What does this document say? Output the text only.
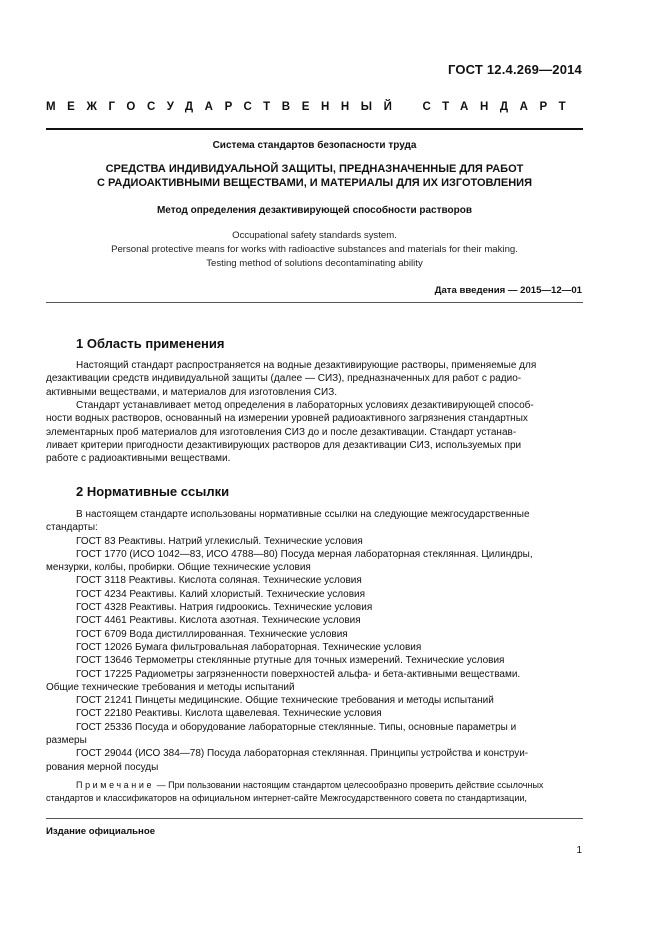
ГОСТ 12.4.269—2014
МЕЖГОСУДАРСТВЕННЫЙ СТАНДАРТ
Система стандартов безопасности труда
СРЕДСТВА ИНДИВИДУАЛЬНОЙ ЗАЩИТЫ, ПРЕДНАЗНАЧЕННЫЕ ДЛЯ РАБОТ
С РАДИОАКТИВНЫМИ ВЕЩЕСТВАМИ, И МАТЕРИАЛЫ ДЛЯ ИХ ИЗГОТОВЛЕНИЯ
Метод определения дезактивирующей способности растворов
Occupational safety standards system.
Personal protective means for works with radioactive substances and materials for their making.
Testing method of solutions decontaminating ability
Дата введения — 2015—12—01
1 Область применения
Настоящий стандарт распространяется на водные дезактивирующие растворы, применяемые для
дезактивации средств индивидуальной защиты (далее — СИЗ), предназначенных для работ с радио-
активными веществами, и материалов для изготовления СИЗ.
Стандарт устанавливает метод определения в лабораторных условиях дезактивирующей способ-
ности водных растворов, основанный на измерении уровней радиоактивного загрязнения стандартных
элементарных проб материалов для изготовления СИЗ до и после дезактивации. Стандарт устанав-
ливает критерии пригодности дезактивирующих растворов для дезактивации СИЗ, используемых при
работе с радиоактивными веществами.
2 Нормативные ссылки
В настоящем стандарте использованы нормативные ссылки на следующие межгосударственные
стандарты:
ГОСТ 83 Реактивы. Натрий углекислый. Технические условия
ГОСТ 1770 (ИСО 1042—83, ИСО 4788—80) Посуда мерная лабораторная стеклянная. Цилиндры,
мензурки, колбы, пробирки. Общие технические условия
ГОСТ 3118 Реактивы. Кислота соляная. Технические условия
ГОСТ 4234 Реактивы. Калий хлористый. Технические условия
ГОСТ 4328 Реактивы. Натрия гидроокись. Технические условия
ГОСТ 4461 Реактивы. Кислота азотная. Технические условия
ГОСТ 6709 Вода дистиллированная. Технические условия
ГОСТ 12026 Бумага фильтровальная лабораторная. Технические условия
ГОСТ 13646 Термометры стеклянные ртутные для точных измерений. Технические условия
ГОСТ 17225 Радиометры загрязненности поверхностей альфа- и бета-активными веществами.
Общие технические требования и методы испытаний
ГОСТ 21241 Пинцеты медицинские. Общие технические требования и методы испытаний
ГОСТ 22180 Реактивы. Кислота щавелевая. Технические условия
ГОСТ 25336 Посуда и оборудование лабораторные стеклянные. Типы, основные параметры и
размеры
ГОСТ 29044 (ИСО 384—78) Посуда лабораторная стеклянная. Принципы устройства и конструи-
рования мерной посуды
Примечание — При пользовании настоящим стандартом целесообразно проверить действие ссылочных
стандартов и классификаторов на официальном интернет-сайте Межгосударственного совета по стандартизации,
Издание официальное
1
